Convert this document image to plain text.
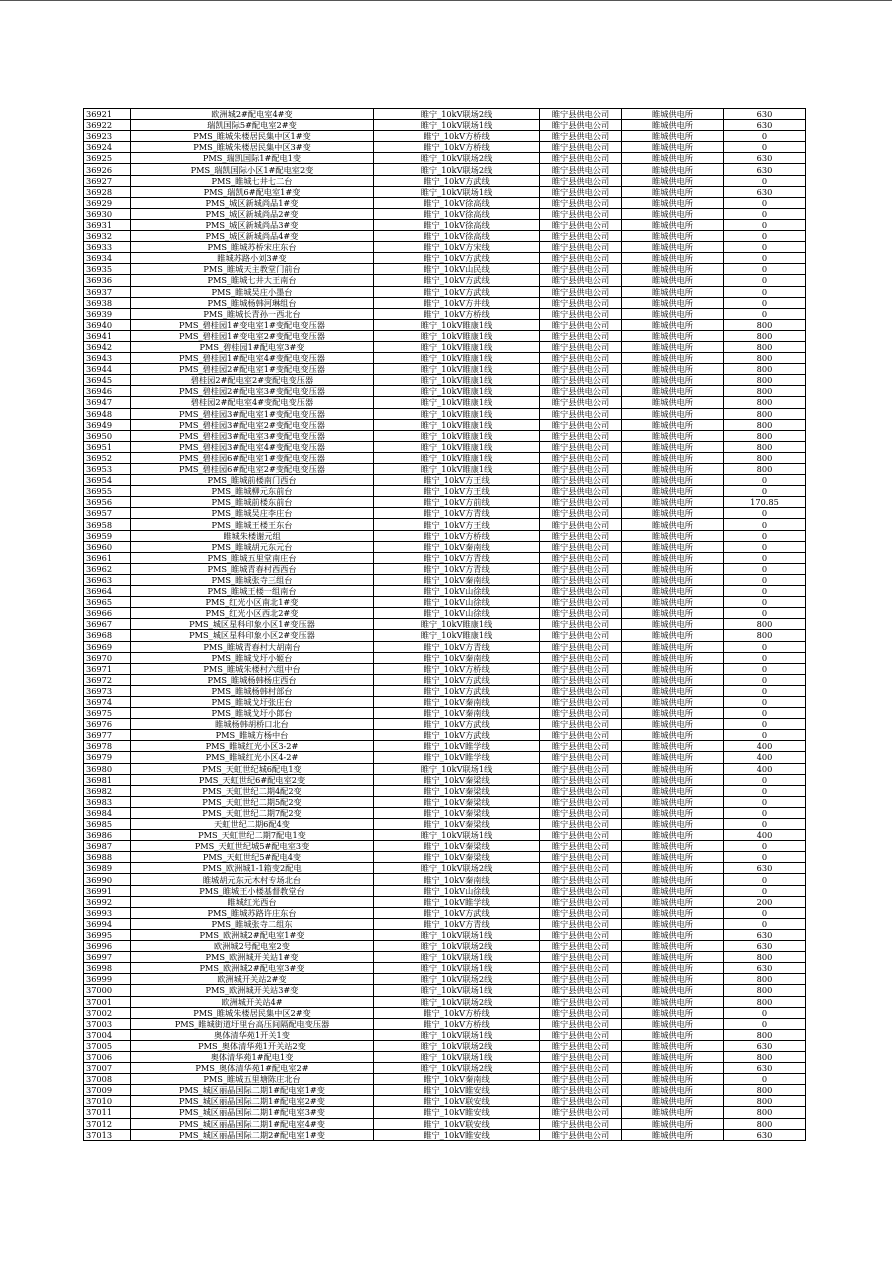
36921	欧洲城2#配电室4#变	睢宁_10kV联场2线	睢宁县供电公司	睢城供电所	630
36922	瑞凯国际5#配电室2#变	睢宁_10kV联场1线	睢宁县供电公司	睢城供电所	630
36923	PMS_睢城朱楼居民集中区1#变	睢宁_10kV方桥线	睢宁县供电公司	睢城供电所	0
36924	PMS_睢城朱楼居民集中区3#变	睢宁_10kV方桥线	睢宁县供电公司	睢城供电所	0
36925	PMS_瑞凯国际1#配电1变	睢宁_10kV联场2线	睢宁县供电公司	睢城供电所	630
36926	PMS_瑞凯国际小区1#配电室2变	睢宁_10kV联场2线	睢宁县供电公司	睢城供电所	630
36927	PMS_睢城七井七二台	睢宁_10kV方武线	睢宁县供电公司	睢城供电所	0
36928	PMS_瑞凯6#配电室1#变	睢宁_10kV联场1线	睢宁县供电公司	睢城供电所	630
36929	PMS_城区新城尚品1#变	睢宁_10kV徐高线	睢宁县供电公司	睢城供电所	0
36930	PMS_城区新城尚品2#变	睢宁_10kV徐高线	睢宁县供电公司	睢城供电所	0
36931	PMS_城区新城尚品3#变	睢宁_10kV徐高线	睢宁县供电公司	睢城供电所	0
36932	PMS_城区新城尚品4#变	睢宁_10kV徐高线	睢宁县供电公司	睢城供电所	0
36933	PMS_睢城苏桥宋庄东台	睢宁_10kV方宋线	睢宁县供电公司	睢城供电所	0
36934	睢城苏路小刘3#变	睢宁_10kV方武线	睢宁县供电公司	睢城供电所	0
36935	PMS_睢城天主教堂门前台	睢宁_10kV山民线	睢宁县供电公司	睢城供电所	0
36936	PMS_睢城七井大王南台	睢宁_10kV方武线	睢宁县供电公司	睢城供电所	0
36937	PMS_睢城吴庄小墨台	睢宁_10kV方武线	睢宁县供电公司	睢城供电所	0
36938	PMS_睢城杨韩河琳组台	睢宁_10kV方井线	睢宁县供电公司	睢城供电所	0
36939	PMS_睢城长青孙一西北台	睢宁_10kV方桥线	睢宁县供电公司	睢城供电所	0
36940	PMS_碧桂园1#变电室1#变配电变压器	睢宁_10kV睢康1线	睢宁县供电公司	睢城供电所	800
36941	PMS_碧桂园1#变电室2#变配电变压器	睢宁_10kV睢康1线	睢宁县供电公司	睢城供电所	800
36942	PMS_碧桂园1#配电室3#变	睢宁_10kV睢康1线	睢宁县供电公司	睢城供电所	800
36943	PMS_碧桂园1#配电室4#变配电变压器	睢宁_10kV睢康1线	睢宁县供电公司	睢城供电所	800
36944	PMS_碧桂园2#配电室1#变配电变压器	睢宁_10kV睢康1线	睢宁县供电公司	睢城供电所	800
36945	碧桂园2#配电室2#变配电变压器	睢宁_10kV睢康1线	睢宁县供电公司	睢城供电所	800
36946	PMS_碧桂园2#配电室3#变配电变压器	睢宁_10kV睢康1线	睢宁县供电公司	睢城供电所	800
36947	碧桂园2#配电室4#变配电变压器	睢宁_10kV睢康1线	睢宁县供电公司	睢城供电所	800
36948	PMS_碧桂园3#配电室1#变配电变压器	睢宁_10kV睢康1线	睢宁县供电公司	睢城供电所	800
36949	PMS_碧桂园3#配电室2#变配电变压器	睢宁_10kV睢康1线	睢宁县供电公司	睢城供电所	800
36950	PMS_碧桂园3#配电室3#变配电变压器	睢宁_10kV睢康1线	睢宁县供电公司	睢城供电所	800
36951	PMS_碧桂园3#配电室4#变配电变压器	睢宁_10kV睢康1线	睢宁县供电公司	睢城供电所	800
36952	PMS_碧桂园6#配电室1#变配电变压器	睢宁_10kV睢康1线	睢宁县供电公司	睢城供电所	800
36953	PMS_碧桂园6#配电室2#变配电变压器	睢宁_10kV睢康1线	睢宁县供电公司	睢城供电所	800
36954	PMS_睢城前楼南门西台	睢宁_10kV方王线	睢宁县供电公司	睢城供电所	0
36955	PMS_睢城柳元东前台	睢宁_10kV方王线	睢宁县供电公司	睢城供电所	0
36956	PMS_睢城前楼东前台	睢宁_10kV方前线	睢宁县供电公司	睢城供电所	170.85
36957	PMS_睢城吴庄李庄台	睢宁_10kV方青线	睢宁县供电公司	睢城供电所	0
36958	PMS_睢城王楼王东台	睢宁_10kV方王线	睢宁县供电公司	睢城供电所	0
36959	睢城朱楼谢元组	睢宁_10kV方桥线	睢宁县供电公司	睢城供电所	0
36960	PMS_睢城胡元东元台	睢宁_10kV秦南线	睢宁县供电公司	睢城供电所	0
36961	PMS_睢城五里堂南庄台	睢宁_10kV方青线	睢宁县供电公司	睢城供电所	0
36962	PMS_睢城青春村西西台	睢宁_10kV方青线	睢宁县供电公司	睢城供电所	0
36963	PMS_睢城张寺三组台	睢宁_10kV秦南线	睢宁县供电公司	睢城供电所	0
36964	PMS_睢城王楼一组南台	睢宁_10kV山徐线	睢宁县供电公司	睢城供电所	0
36965	PMS_红光小区南北1#变	睢宁_10kV山徐线	睢宁县供电公司	睢城供电所	0
36966	PMS_红光小区西北2#变	睢宁_10kV山徐线	睢宁县供电公司	睢城供电所	0
36967	PMS_城区星科印象小区1#变压器	睢宁_10kV睢康1线	睢宁县供电公司	睢城供电所	800
36968	PMS_城区星科印象小区2#变压器	睢宁_10kV睢康1线	睢宁县供电公司	睢城供电所	800
36969	PMS_睢城青春村大胡南台	睢宁_10kV方青线	睢宁县供电公司	睢城供电所	0
36970	PMS_睢城戈圩小姬台	睢宁_10kV秦南线	睢宁县供电公司	睢城供电所	0
36971	PMS_睢城朱楼村六组中台	睢宁_10kV方桥线	睢宁县供电公司	睢城供电所	0
36972	PMS_睢城杨韩杨庄西台	睢宁_10kV方武线	睢宁县供电公司	睢城供电所	0
36973	PMS_睢城杨韩村部台	睢宁_10kV方武线	睢宁县供电公司	睢城供电所	0
36974	PMS_睢城戈圩张庄台	睢宁_10kV秦南线	睢宁县供电公司	睢城供电所	0
36975	PMS_睢城戈圩小郎台	睢宁_10kV秦南线	睢宁县供电公司	睢城供电所	0
36976	睢城杨韩胡桥口北台	睢宁_10kV方武线	睢宁县供电公司	睢城供电所	0
36977	PMS_睢城方杨中台	睢宁_10kV方武线	睢宁县供电公司	睢城供电所	0
36978	PMS_睢城红光小区3-2#	睢宁_10kV睢学线	睢宁县供电公司	睢城供电所	400
36979	PMS_睢城红光小区4-2#	睢宁_10kV睢学线	睢宁县供电公司	睢城供电所	400
36980	PMS_天虹世纪城6配电1变	睢宁_10kV联场1线	睢宁县供电公司	睢城供电所	400
36981	PMS_天虹世纪6#配电室2变	睢宁_10kV秦梁线	睢宁县供电公司	睢城供电所	0
36982	PMS_天虹世纪二期4配2变	睢宁_10kV秦梁线	睢宁县供电公司	睢城供电所	0
36983	PMS_天虹世纪二期5配2变	睢宁_10kV秦梁线	睢宁县供电公司	睢城供电所	0
36984	PMS_天虹世纪二期7配2变	睢宁_10kV秦梁线	睢宁县供电公司	睢城供电所	0
36985	天虹世纪二期6配4变	睢宁_10kV秦梁线	睢宁县供电公司	睢城供电所	0
36986	PMS_天虹世纪二期7配电1变	睢宁_10kV联场1线	睢宁县供电公司	睢城供电所	400
36987	PMS_天虹世纪城5#配电室3变	睢宁_10kV秦梁线	睢宁县供电公司	睢城供电所	0
36988	PMS_天虹世纪5#配电4变	睢宁_10kV秦梁线	睢宁县供电公司	睢城供电所	0
36989	PMS_欧洲城1-1箱变2配电	睢宁_10kV联场2线	睢宁县供电公司	睢城供电所	630
36990	睢城胡元东元木村专场北台	睢宁_10kV秦南线	睢宁县供电公司	睢城供电所	0
36991	PMS_睢城王小楼基督教堂台	睢宁_10kV山徐线	睢宁县供电公司	睢城供电所	0
36992	睢城红光西台	睢宁_10kV睢学线	睢宁县供电公司	睢城供电所	200
36993	PMS_睢城苏路许庄东台	睢宁_10kV方武线	睢宁县供电公司	睢城供电所	0
36994	PMS_睢城张寺二组东	睢宁_10kV方青线	睢宁县供电公司	睢城供电所	0
36995	PMS_欧洲城2#配电室1#变	睢宁_10kV联场1线	睢宁县供电公司	睢城供电所	630
36996	欧洲城2号配电室2变	睢宁_10kV联场2线	睢宁县供电公司	睢城供电所	630
36997	PMS_欧洲城开关站1#变	睢宁_10kV联场1线	睢宁县供电公司	睢城供电所	800
36998	PMS_欧洲城2#配电室3#变	睢宁_10kV联场1线	睢宁县供电公司	睢城供电所	630
36999	欧洲城开关站2#变	睢宁_10kV联场2线	睢宁县供电公司	睢城供电所	800
37000	PMS_欧洲城开关站3#变	睢宁_10kV联场1线	睢宁县供电公司	睢城供电所	800
37001	欧洲城开关站4#	睢宁_10kV联场2线	睢宁县供电公司	睢城供电所	800
37002	PMS_睢城朱楼居民集中区2#变	睢宁_10kV方桥线	睢宁县供电公司	睢城供电所	0
37003	PMS_睢城街道圩里台高压间隔配电变压器	睢宁_10kV方桥线	睢宁县供电公司	睢城供电所	0
37004	奥体清华苑1开关1变	睢宁_10kV联场1线	睢宁县供电公司	睢城供电所	800
37005	PMS_奥体清华苑1开关站2变	睢宁_10kV联场2线	睢宁县供电公司	睢城供电所	630
37006	奥体清华苑1#配电1变	睢宁_10kV联场1线	睢宁县供电公司	睢城供电所	800
37007	PMS_奥体清华苑1#配电室2#	睢宁_10kV联场2线	睢宁县供电公司	睢城供电所	630
37008	PMS_睢城五里塘陈庄北台	睢宁_10kV秦南线	睢宁县供电公司	睢城供电所	0
37009	PMS_城区丽晶国际二期1#配电室1#变	睢宁_10kV睢安线	睢宁县供电公司	睢城供电所	800
37010	PMS_城区丽晶国际二期1#配电室2#变	睢宁_10kV联安线	睢宁县供电公司	睢城供电所	800
37011	PMS_城区丽晶国际二期1#配电室3#变	睢宁_10kV睢安线	睢宁县供电公司	睢城供电所	800
37012	PMS_城区丽晶国际二期1#配电室4#变	睢宁_10kV联安线	睢宁县供电公司	睢城供电所	800
37013	PMS_城区丽晶国际二期2#配电室1#变	睢宁_10kV睢安线	睢宁县供电公司	睢城供电所	630
